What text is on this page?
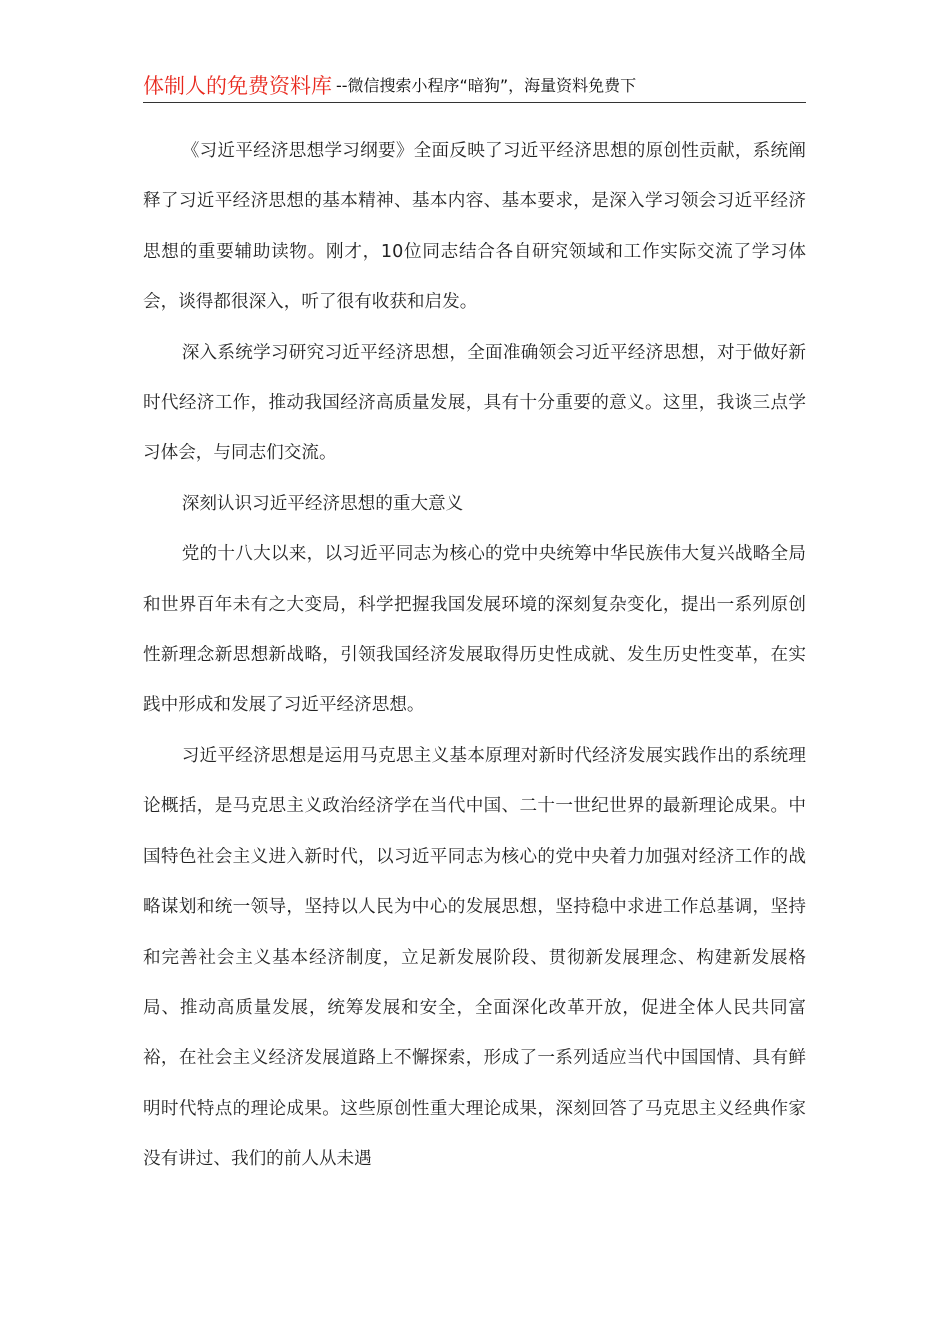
体制人的免费资料库 --微信搜索小程序“暗狗”，海量资料免费下

《习近平经济思想学习纲要》全面反映了习近平经济思想的原创性贡献，系统阐释了习近平经济思想的基本精神、基本内容、基本要求，是深入学习领会习近平经济思想的重要辅助读物。刚才，10位同志结合各自研究领域和工作实际交流了学习体会，谈得都很深入，听了很有收获和启发。

深入系统学习研究习近平经济思想，全面准确领会习近平经济思想，对于做好新时代经济工作，推动我国经济高质量发展，具有十分重要的意义。这里，我谈三点学习体会，与同志们交流。

深刻认识习近平经济思想的重大意义

党的十八大以来，以习近平同志为核心的党中央统筹中华民族伟大复兴战略全局和世界百年未有之大变局，科学把握我国发展环境的深刻复杂变化，提出一系列原创性新理念新思想新战略，引领我国经济发展取得历史性成就、发生历史性变革，在实践中形成和发展了习近平经济思想。

习近平经济思想是运用马克思主义基本原理对新时代经济发展实践作出的系统理论概括，是马克思主义政治经济学在当代中国、二十一世纪世界的最新理论成果。中国特色社会主义进入新时代，以习近平同志为核心的党中央着力加强对经济工作的战略谋划和统一领导，坚持以人民为中心的发展思想，坚持稳中求进工作总基调，坚持和完善社会主义基本经济制度，立足新发展阶段、贯彻新发展理念、构建新发展格局、推动高质量发展，统筹发展和安全，全面深化改革开放，促进全体人民共同富裕，在社会主义经济发展道路上不懈探索，形成了一系列适应当代中国国情、具有鲜明时代特点的理论成果。这些原创性重大理论成果，深刻回答了马克思主义经典作家没有讲过、我们的前人从未遇
